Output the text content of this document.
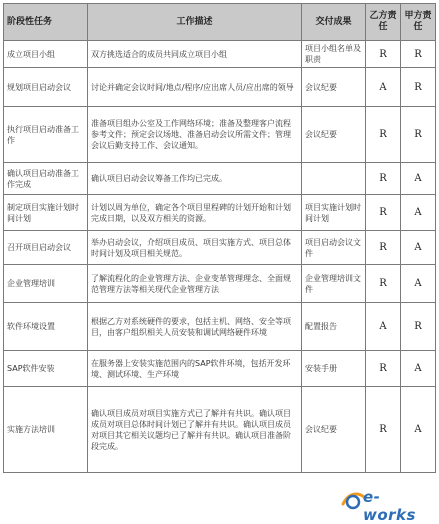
阶段性任务	工作描述	交付成果	乙方责任	甲方责任
成立项目小组	双方挑选适合的成员共同成立项目小组	项目小组名单及职责	R	R
规划项目启动会议	讨论并确定会议时间/地点/程序/应出席人员/应出席的领导	会议纪要	A	R
执行项目启动准备工作	准备项目组办公室及工作网络环境；准备及整理客户流程参考文件；预定会议场地、准备启动会议所需文件；管理会议后勤支持工作、会议通知。	会议纪要	R	R
确认项目启动准备工作完成	确认项目启动会议筹备工作均已完成。		R	A
制定项目实施计划时间计划	计划以周为单位，确定各个项目里程碑的计划开始和计划完成日期，以及双方相关的资源。	项目实施计划时间计划	R	A
召开项目启动会议	举办启动会议，介绍项目成员、项目实施方式、项目总体时间计划及项目相关规范。	项目启动会议文件	R	A
企业管理培训	了解流程化的企业管理方法、企业变革管理理念、全面规范管理方法等相关现代企业管理方法	企业管理培训文件	R	A
软件环境设置	根据乙方对系统硬件的要求，包括主机、网络、安全等项目，由客户组织相关人员安装和调试网络硬件环境	配置报告	A	R
SAP软件安装	在服务器上安装实施范围内的SAP软件环境，包括开发环境、测试环境、生产环境	安装手册	R	A
实施方法培训	确认项目成员对项目实施方式已了解并有共识。确认项目成员对项目总体时间计划已了解并有共识。确认项目成员对项目其它相关议题均已了解并有共识。确认项目准备阶段完成。	会议纪要	R	A
e-works
